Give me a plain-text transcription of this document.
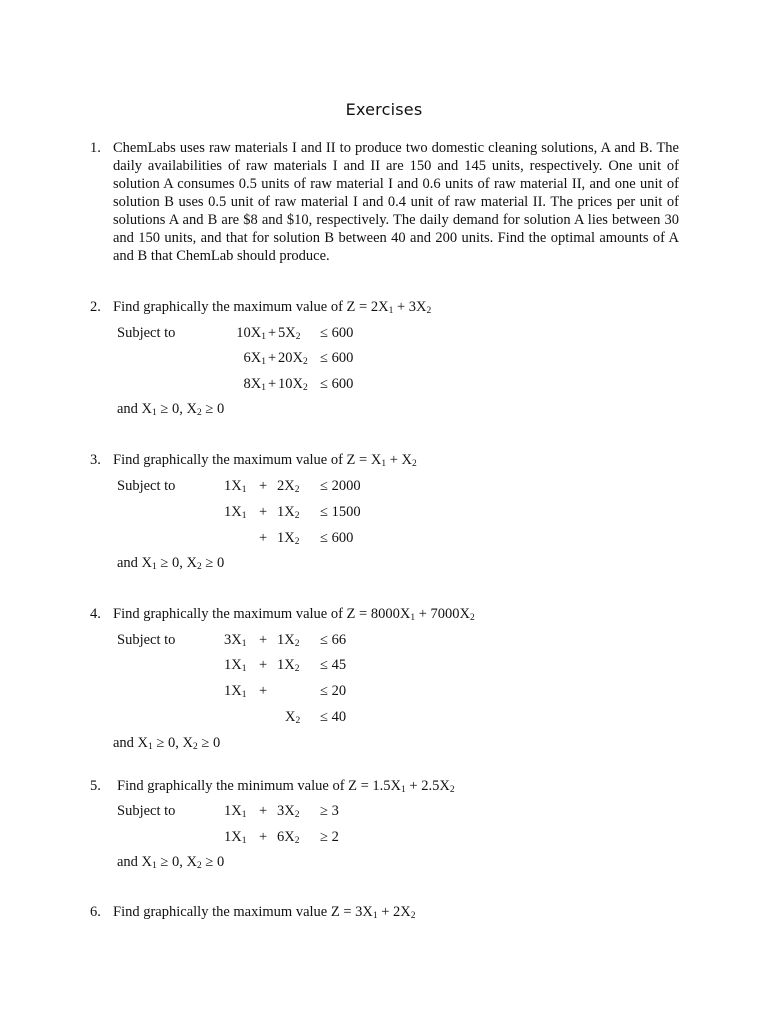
Exercises
1. ChemLabs uses raw materials I and II to produce two domestic cleaning solutions, A and B. The daily availabilities of raw materials I and II are 150 and 145 units, respectively. One unit of solution A consumes 0.5 units of raw material I and 0.6 units of raw material II, and one unit of solution B uses 0.5 unit of raw material I and 0.4 unit of raw material II. The prices per unit of solutions A and B are $8 and $10, respectively. The daily demand for solution A lies between 30 and 150 units, and that for solution B between 40 and 200 units. Find the optimal amounts of A and B that ChemLab should produce.
2. Find graphically the maximum value of $Z = 2X_1 + 3X_2$
Subject to	$10X_1 + 5X_2 \le 600$
$6X_1 + 20X_2 \le 600$
$8X_1 + 10X_2 \le 600$
and $X_1 \ge 0$, $X_2 \ge 0$
3. Find graphically the maximum value of $Z = X_1 + X_2$
Subject to	$1X_1 + 2X_2 \le 2000$
$1X_1 + 1X_2 \le 1500$
+ $1X_2 \le 600$
and $X_1 \ge 0$, $X_2 \ge 0$
4. Find graphically the maximum value of $Z = 8000X_1 + 7000X_2$
Subject to	$3X_1 + 1X_2 \le 66$
$1X_1 + 1X_2 \le 45$
$1X_1$ +	≤ 20
$X_2 \le 40$
and $X_1 \ge 0$, $X_2 \ge 0$
5. Find graphically the minimum value of $Z = 1.5X_1 + 2.5X_2$
Subject to	$1X_1 + 3X_2 \ge 3$
$1X_1 + 6X_2 \ge 2$
and $X_1 \ge 0$, $X_2 \ge 0$
6. Find graphically the maximum value $Z = 3X_1 + 2X_2$
